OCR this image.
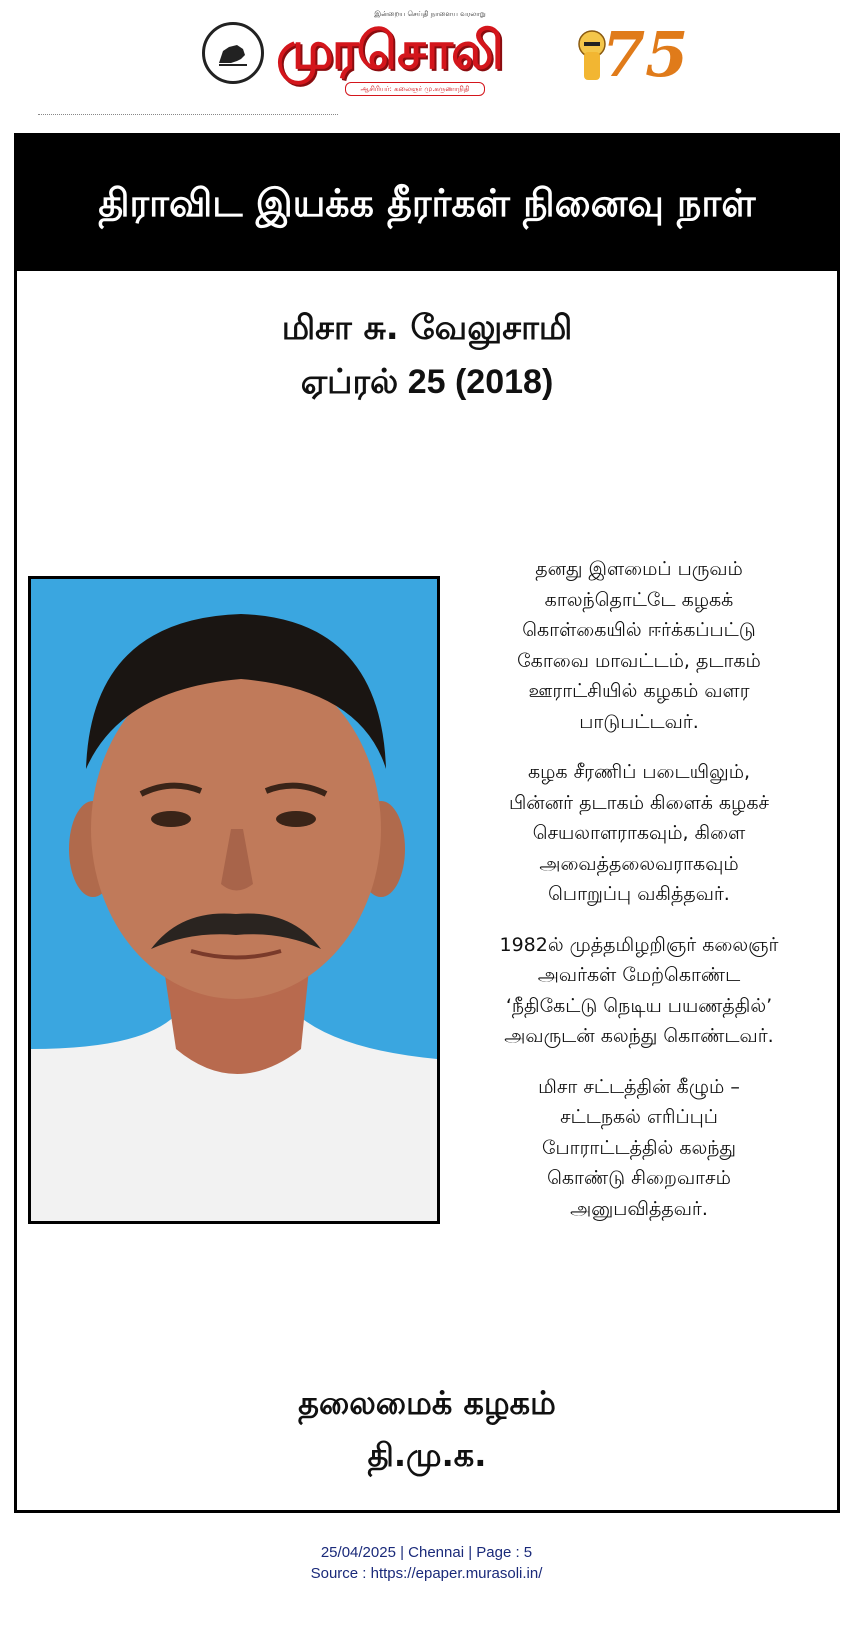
இன்றைய செய்தி நாளைய வரலாறு
முரசொலி
ஆசிரியர்: கலைஞர் மு.கருணாநிதி 75
திராவிட இயக்க தீரர்கள் நினைவு நாள்
மிசா சு. வேலுசாமி
ஏப்ரல் 25 (2018)
தனது இளமைப் பருவம்
காலந்தொட்டே கழகக்
கொள்கையில் ஈர்க்கப்பட்டு
கோவை மாவட்டம், தடாகம்
ஊராட்சியில் கழகம் வளர
பாடுபட்டவர்.
கழக சீரணிப் படையிலும்,
பின்னர் தடாகம் கிளைக் கழகச்
செயலாளராகவும், கிளை
அவைத்தலைவராகவும்
பொறுப்பு வகித்தவர்.
1982ல் முத்தமிழறிஞர் கலைஞர்
அவர்கள் மேற்கொண்ட
‘நீதிகேட்டு நெடிய பயணத்தில்’
அவருடன் கலந்து கொண்டவர்.
மிசா சட்டத்தின் கீழும் –
சட்டநகல் எரிப்புப்
போராட்டத்தில் கலந்து
கொண்டு சிறைவாசம்
அனுபவித்தவர்.
தலைமைக் கழகம்
தி.மு.க.
25/04/2025 | Chennai | Page : 5
Source : https://epaper.murasoli.in/
